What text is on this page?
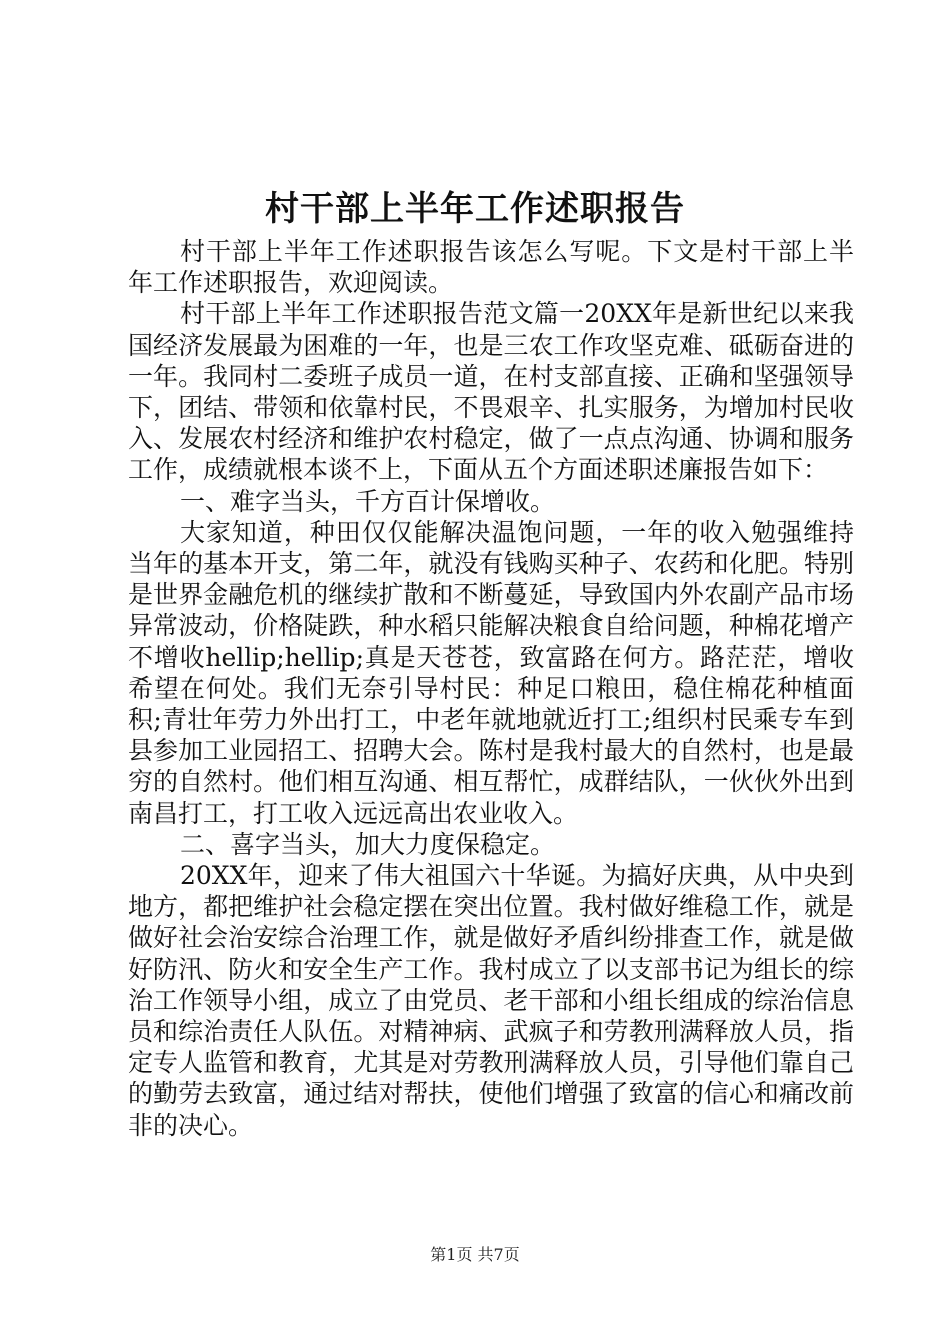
村干部上半年工作述职报告

村干部上半年工作述职报告该怎么写呢。下文是村干部上半年工作述职报告，欢迎阅读。

村干部上半年工作述职报告范文篇一20XX年是新世纪以来我国经济发展最为困难的一年，也是三农工作攻坚克难、砥砺奋进的一年。我同村二委班子成员一道，在村支部直接、正确和坚强领导下，团结、带领和依靠村民，不畏艰辛、扎实服务，为增加村民收入、发展农村经济和维护农村稳定，做了一点点沟通、协调和服务工作，成绩就根本谈不上，下面从五个方面述职述廉报告如下：

一、难字当头，千方百计保增收。

大家知道，种田仅仅能解决温饱问题，一年的收入勉强维持当年的基本开支，第二年，就没有钱购买种子、农药和化肥。特别是世界金融危机的继续扩散和不断蔓延，导致国内外农副产品市场异常波动，价格陡跌，种水稻只能解决粮食自给问题，种棉花增产不增收hellip;hellip;真是天苍苍，致富路在何方。路茫茫，增收希望在何处。我们无奈引导村民：种足口粮田，稳住棉花种植面积;青壮年劳力外出打工，中老年就地就近打工;组织村民乘专车到县参加工业园招工、招聘大会。陈村是我村最大的自然村，也是最穷的自然村。他们相互沟通、相互帮忙，成群结队，一伙伙外出到南昌打工，打工收入远远高出农业收入。

二、喜字当头，加大力度保稳定。

20XX年，迎来了伟大祖国六十华诞。为搞好庆典，从中央到地方，都把维护社会稳定摆在突出位置。我村做好维稳工作，就是做好社会治安综合治理工作，就是做好矛盾纠纷排查工作，就是做好防汛、防火和安全生产工作。我村成立了以支部书记为组长的综治工作领导小组，成立了由党员、老干部和小组长组成的综治信息员和综治责任人队伍。对精神病、武疯子和劳教刑满释放人员，指定专人监管和教育，尤其是对劳教刑满释放人员，引导他们靠自己的勤劳去致富，通过结对帮扶，使他们增强了致富的信心和痛改前非的决心。

第1页 共7页
